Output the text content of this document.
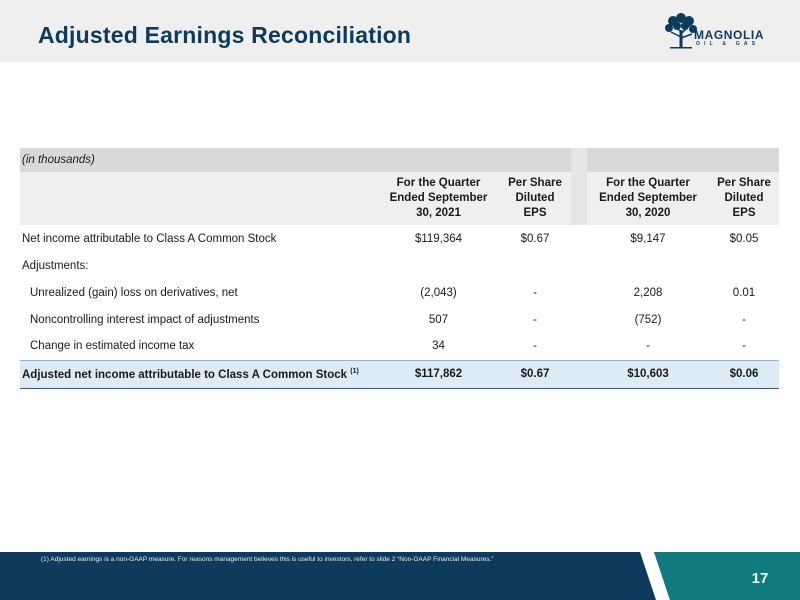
Adjusted Earnings Reconciliation	MAGNOLIA
OIL & GAS
(in thousands)					
	For the Quarter Ended September 30, 2021	Per Share Diluted EPS		For the Quarter Ended September 30, 2020	Per Share Diluted EPS
Net income attributable to Class A Common Stock	$119,364	$0.67		$9,147	$0.05
Adjustments:					
Unrealized (gain) loss on derivatives, net	(2,043)	-		2,208	0.01
Noncontrolling interest impact of adjustments	507	-		(752)	-
Change in estimated income tax	34	-		-	-
Adjusted net income attributable to Class A Common Stock $^{(1)}$	$117,862	$0.67		$10,603	$0.06
(1) Adjusted earnings is a non-GAAP measure. For reasons management believes this is useful to investors, refer to slide 2 “Non-GAAP Financial Measures.”
17
